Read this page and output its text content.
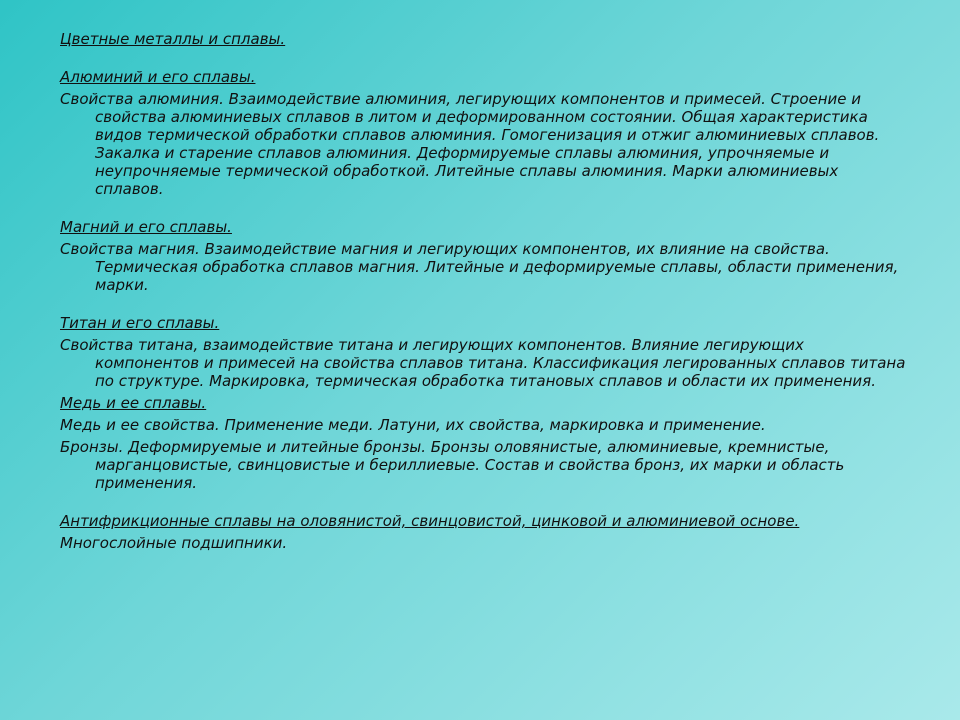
Цветные металлы и сплавы.

Алюминий и его сплавы.

Свойства алюминия. Взаимодействие алюминия, легирующих компонентов и примесей. Строение и свойства алюминиевых сплавов в литом и деформированном состоянии. Общая характеристика видов термической обработки сплавов алюминия. Гомогенизация и отжиг алюминиевых сплавов. Закалка и старение сплавов алюминия. Деформируемые сплавы алюминия, упрочняемые и неупрочняемые термической обработкой. Литейные сплавы алюминия. Марки алюминиевых сплавов.

Магний и его сплавы.

Свойства магния. Взаимодействие магния и легирующих компонентов, их влияние на свойства. Термическая обработка сплавов магния. Литейные и деформируемые сплавы, области применения, марки.

Титан и его сплавы.

Свойства титана, взаимодействие титана и легирующих компонентов. Влияние легирующих компонентов и примесей на свойства сплавов титана. Классификация легированных сплавов титана по структуре. Маркировка, термическая обработка титановых сплавов и области их применения.

Медь и ее сплавы.

Медь и ее свойства. Применение меди. Латуни, их свойства, маркировка и применение.

Бронзы. Деформируемые и литейные бронзы. Бронзы оловянистые, алюминиевые, кремнистые, марганцовистые, свинцовистые и бериллиевые. Состав и свойства бронз, их марки и область применения.

Антифрикционные сплавы на оловянистой, свинцовистой, цинковой и алюминиевой основе.

Многослойные подшипники.
